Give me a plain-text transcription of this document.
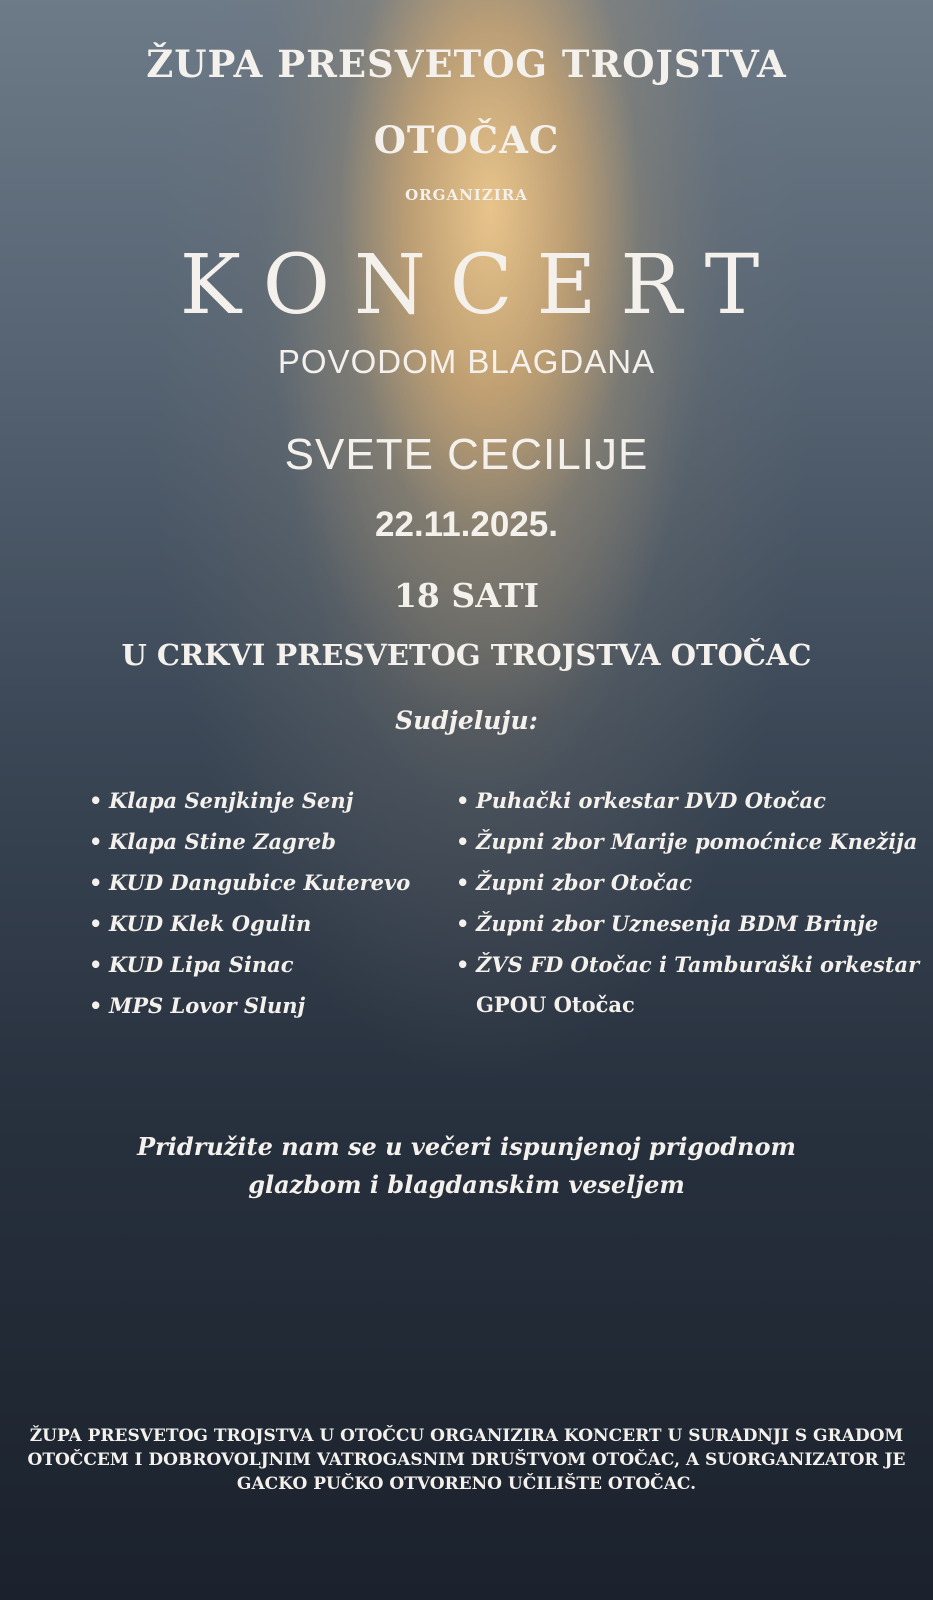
ŽUPA PRESVETOG TROJSTVA

OTOČAC

ORGANIZIRA

KONCERT

POVODOM BLAGDANA

SVETE CECILIJE

22.11.2025.

18 SATI

U CRKVI PRESVETOG TROJSTVA OTOČAC

Sudjeluju:

• Klapa Senjkinje Senj
• Klapa Stine Zagreb
• KUD Dangubice Kuterevo
• KUD Klek Ogulin
• KUD Lipa Sinac
• MPS Lovor Slunj
• Puhački orkestar DVD Otočac
• Župni zbor Marije pomoćnice Knežija
• Župni zbor Otočac
• Župni zbor Uznesenja BDM Brinje
• ŽVS FD Otočac i Tamburaški orkestar
GPOU Otočac
Pridružite nam se u večeri ispunjenoj prigodnom
glazbom i blagdanskim veseljem
ŽUPA PRESVETOG TROJSTVA U OTOČCU ORGANIZIRA KONCERT U SURADNJI S GRADOM
OTOČCEM I DOBROVOLJNIM VATROGASNIM DRUŠTVOM OTOČAC, A SUORGANIZATOR JE
GACKO PUČKO OTVORENO UČILIŠTE OTOČAC.
